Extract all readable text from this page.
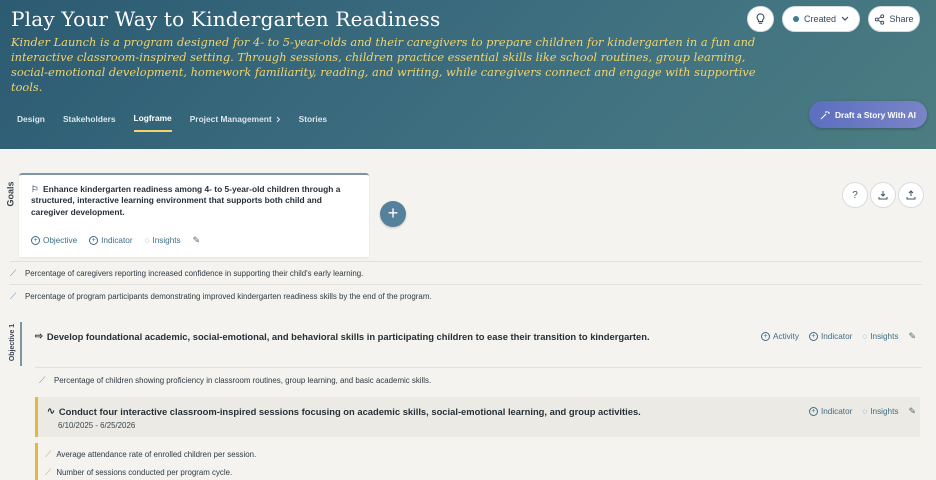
Play Your Way to Kindergarten Readiness
Kinder Launch is a program designed for 4- to 5-year-olds and their caregivers to prepare children for kindergarten in a fun and interactive classroom-inspired setting. Through sessions, children practice essential skills like school routines, group learning, social-emotional development, homework familiarity, reading, and writing, while caregivers connect and engage with supportive tools.
Created	Share
Design Stakeholders Logframe Project Management	Stories	Draft a Story With AI
Goals ⚐ Enhance kindergarten readiness among 4- to 5-year-old children through a structured, interactive learning environment that supports both child and caregiver development.
+ Objective	+ Indicator ◌ Insights ✎
+
?
⟋	Percentage of caregivers reporting increased confidence in supporting their child's early learning.
⟋	Percentage of program participants demonstrating improved kindergarten readiness skills by the end of the program.
Objective 1 ⇨ Develop foundational academic, social-emotional, and behavioral skills in participating children to ease their transition to kindergarten.	+ Activity	+ Indicator ◌ Insights ✎
⟋	Percentage of children showing proficiency in classroom routines, group learning, and basic academic skills.
∿ Conduct four interactive classroom-inspired sessions focusing on academic skills, social-emotional learning, and group activities.
6/10/2025 - 6/25/2026
+ Indicator ◌ Insights ✎
⟋ Average attendance rate of enrolled children per session.
⟋ Number of sessions conducted per program cycle.
